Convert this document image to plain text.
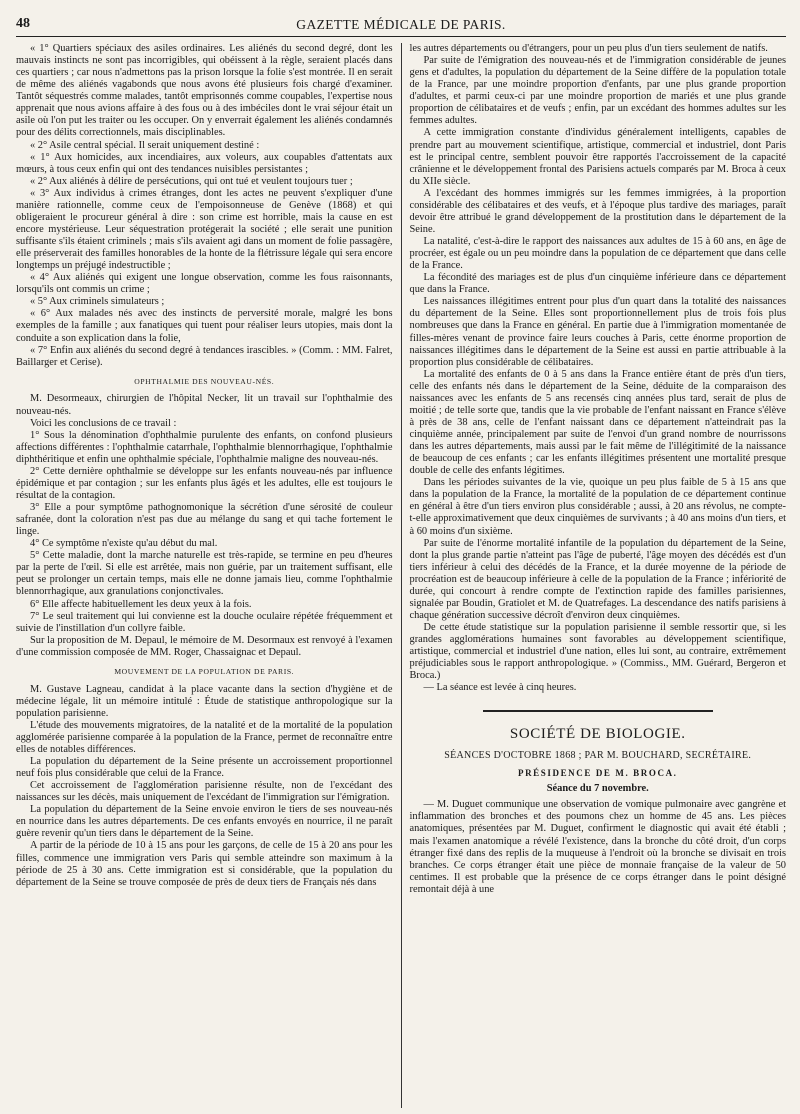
48	GAZETTE MÉDICALE DE PARIS.

« 1° Quartiers spéciaux des asiles ordinaires. Les aliénés du second degré, dont les mauvais instincts ne sont pas incorrigibles, qui obéissent à la règle, seraient placés dans ces quartiers ; car nous n'admettons pas la prison lorsque la folie s'est montrée. Il en serait de même des aliénés vagabonds que nous avons été plusieurs fois chargé d'examiner. Tantôt séquestrés comme malades, tantôt emprisonnés comme coupables, l'expertise nous apprenait que nous avions affaire à des fous ou à des imbéciles dont le vrai séjour était un asile où l'on put les traiter ou les occuper. On y enverrait également les aliénés condamnés pour des délits correctionnels, mais disciplinables.

« 2° Asile central spécial. Il serait uniquement destiné :

« 1° Aux homicides, aux incendiaires, aux voleurs, aux coupables d'attentats aux mœurs, à tous ceux enfin qui ont des tendances nuisibles persistantes ;

« 2° Aux aliénés à délire de persécutions, qui ont tué et veulent toujours tuer ;

« 3° Aux individus à crimes étranges, dont les actes ne peuvent s'expliquer d'une manière rationnelle, comme ceux de l'empoisonneuse de Genève (1868) et qui obligeraient le procureur général à dire : son crime est horrible, mais la cause en est encore mystérieuse. Leur séquestration protégerait la société ; elle serait une punition suffisante s'ils étaient criminels ; mais s'ils avaient agi dans un moment de folie passagère, elle préserverait des familles honorables de la honte de la flétrissure légale qui sera encore longtemps un préjugé indestructible ;

« 4° Aux aliénés qui exigent une longue observation, comme les fous raisonnants, lorsqu'ils ont commis un crime ;

« 5° Aux criminels simulateurs ;

« 6° Aux malades nés avec des instincts de perversité morale, malgré les bons exemples de la famille ; aux fanatiques qui tuent pour réaliser leurs utopies, mais dont la conduite a son explication dans la folie,

« 7° Enfin aux aliénés du second degré à tendances irascibles. » (Comm. : MM. Falret, Baillarger et Cerise).

OPHTHALMIE DES NOUVEAU-NÉS.

M. Desormeaux, chirurgien de l'hôpital Necker, lit un travail sur l'ophthalmie des nouveau-nés.

Voici les conclusions de ce travail :

1° Sous la dénomination d'ophthalmie purulente des enfants, on confond plusieurs affections différentes : l'ophthalmie catarrhale, l'ophthalmie blennorrhagique, l'ophthalmie diphthéritique et enfin une ophthalmie spéciale, l'ophthalmie maligne des nouveau-nés.

2° Cette dernière ophthalmie se développe sur les enfants nouveau-nés par influence épidémique et par contagion ; sur les enfants plus âgés et les adultes, elle est toujours le résultat de la contagion.

3° Elle a pour symptôme pathognomonique la sécrétion d'une sérosité de couleur safranée, dont la coloration n'est pas due au mélange du sang et qui tache fortement le linge.

4° Ce symptôme n'existe qu'au début du mal.

5° Cette maladie, dont la marche naturelle est très-rapide, se termine en peu d'heures par la perte de l'œil. Si elle est arrêtée, mais non guérie, par un traitement suffisant, elle peut se prolonger un certain temps, mais elle ne donne jamais lieu, comme l'ophthalmie blennorrhagique, aux granulations conjonctivales.

6° Elle affecte habituellement les deux yeux à la fois.

7° Le seul traitement qui lui convienne est la douche oculaire répétée fréquemment et suivie de l'instillation d'un collyre faible.

Sur la proposition de M. Depaul, le mémoire de M. Desormaux est renvoyé à l'examen d'une commission composée de MM. Roger, Chassaignac et Depaul.

MOUVEMENT DE LA POPULATION DE PARIS.

M. Gustave Lagneau, candidat à la place vacante dans la section d'hygiène et de médecine légale, lit un mémoire intitulé : Étude de statistique anthropologique sur la population parisienne.

L'étude des mouvements migratoires, de la natalité et de la mortalité de la population agglomérée parisienne comparée à la population de la France, permet de reconnaître entre elles de notables différences.

La population du département de la Seine présente un accroissement proportionnel neuf fois plus considérable que celui de la France.

Cet accroissement de l'agglomération parisienne résulte, non de l'excédant des naissances sur les décès, mais uniquement de l'excédant de l'immigration sur l'émigration.

La population du département de la Seine envoie environ le tiers de ses nouveau-nés en nourrice dans les autres départements. De ces enfants envoyés en nourrice, il ne paraît guère revenir qu'un tiers dans le département de la Seine.

A partir de la période de 10 à 15 ans pour les garçons, de celle de 15 à 20 ans pour les filles, commence une immigration vers Paris qui semble atteindre son maximum à la période de 25 à 30 ans. Cette immigration est si considérable, que la population du département de la Seine se trouve composée de près de deux tiers de Français nés dans

les autres départements ou d'étrangers, pour un peu plus d'un tiers seulement de natifs.

Par suite de l'émigration des nouveau-nés et de l'immigration considérable de jeunes gens et d'adultes, la population du département de la Seine diffère de la population totale de la France, par une moindre proportion d'enfants, par une plus grande proportion d'adultes, et parmi ceux-ci par une moindre proportion de mariés et une plus grande proportion de célibataires et de veufs ; enfin, par un excédant des hommes adultes sur les femmes adultes.

A cette immigration constante d'individus généralement intelligents, capables de prendre part au mouvement scientifique, artistique, commercial et industriel, dont Paris est le principal centre, semblent pouvoir être rapportés l'accroissement de la capacité crânienne et le développement frontal des Parisiens actuels comparés par M. Broca à ceux du XIIe siècle.

A l'excédant des hommes immigrés sur les femmes immigrées, à la proportion considérable des célibataires et des veufs, et à l'époque plus tardive des mariages, paraît devoir être attribué le grand développement de la prostitution dans le département de la Seine.

La natalité, c'est-à-dire le rapport des naissances aux adultes de 15 à 60 ans, en âge de procréer, est égale ou un peu moindre dans la population de ce département que dans celle de la France.

La fécondité des mariages est de plus d'un cinquième inférieure dans ce département que dans la France.

Les naissances illégitimes entrent pour plus d'un quart dans la totalité des naissances du département de la Seine. Elles sont proportionnellement plus de trois fois plus nombreuses que dans la France en général. En partie due à l'immigration momentanée de filles-mères venant de province faire leurs couches à Paris, cette énorme proportion de naissances illégitimes dans le département de la Seine est aussi en partie attribuable à la proportion plus considérable de célibataires.

La mortalité des enfants de 0 à 5 ans dans la France entière étant de près d'un tiers, celle des enfants nés dans le département de la Seine, déduite de la comparaison des naissances avec les enfants de 5 ans recensés cinq années plus tard, serait de plus de moitié ; de telle sorte que, tandis que la vie probable de l'enfant naissant en France s'élève à près de 38 ans, celle de l'enfant naissant dans ce département n'atteindrait pas la cinquième année, principalement par suite de l'envoi d'un grand nombre de nourrissons dans les autres départements, mais aussi par le fait même de l'illégitimité de la naissance de beaucoup de ces enfants ; car les enfants illégitimes présentent une mortalité presque double de celle des enfants légitimes.

Dans les périodes suivantes de la vie, quoique un peu plus faible de 5 à 15 ans que dans la population de la France, la mortalité de la population de ce département continue en général à être d'un tiers environ plus considérable ; aussi, à 20 ans révolus, ne compte-t-elle approximativement que deux cinquièmes de survivants ; à 40 ans moins d'un tiers, et à 60 moins d'un sixième.

Par suite de l'énorme mortalité infantile de la population du département de la Seine, dont la plus grande partie n'atteint pas l'âge de puberté, l'âge moyen des décédés est d'un tiers inférieur à celui des décédés de la France, et la durée moyenne de la période de procréation est de beaucoup inférieure à celle de la population de la France ; infériorité de durée, qui concourt à rendre compte de l'extinction rapide des familles parisiennes, signalée par Boudin, Gratiolet et M. de Quatrefages. La descendance des natifs parisiens à chaque génération successive décroît d'environ deux cinquièmes.

De cette étude statistique sur la population parisienne il semble ressortir que, si les grandes agglomérations humaines sont favorables au développement scientifique, artistique, commercial et industriel d'une nation, elles lui sont, au contraire, extrêmement préjudiciables sous le rapport anthropologique. » (Commiss., MM. Guérard, Bergeron et Broca.)

— La séance est levée à cinq heures.

SOCIÉTÉ DE BIOLOGIE.
SÉANCES D'OCTOBRE 1868 ; PAR M. BOUCHARD, SECRÉTAIRE.
PRÉSIDENCE DE M. BROCA.
Séance du 7 novembre.

— M. Duguet communique une observation de vomique pulmonaire avec gangrène et inflammation des bronches et des poumons chez un homme de 45 ans. Les pièces anatomiques, présentées par M. Duguet, confirment le diagnostic qui avait été établi ; mais l'examen anatomique a révélé l'existence, dans la bronche du côté droit, d'un corps étranger fixé dans des replis de la muqueuse à l'endroit où la bronche se divisait en trois branches. Ce corps étranger était une pièce de monnaie française de la valeur de 50 centimes. Il est probable que la présence de ce corps étranger dans le point désigné remontait déjà à une
